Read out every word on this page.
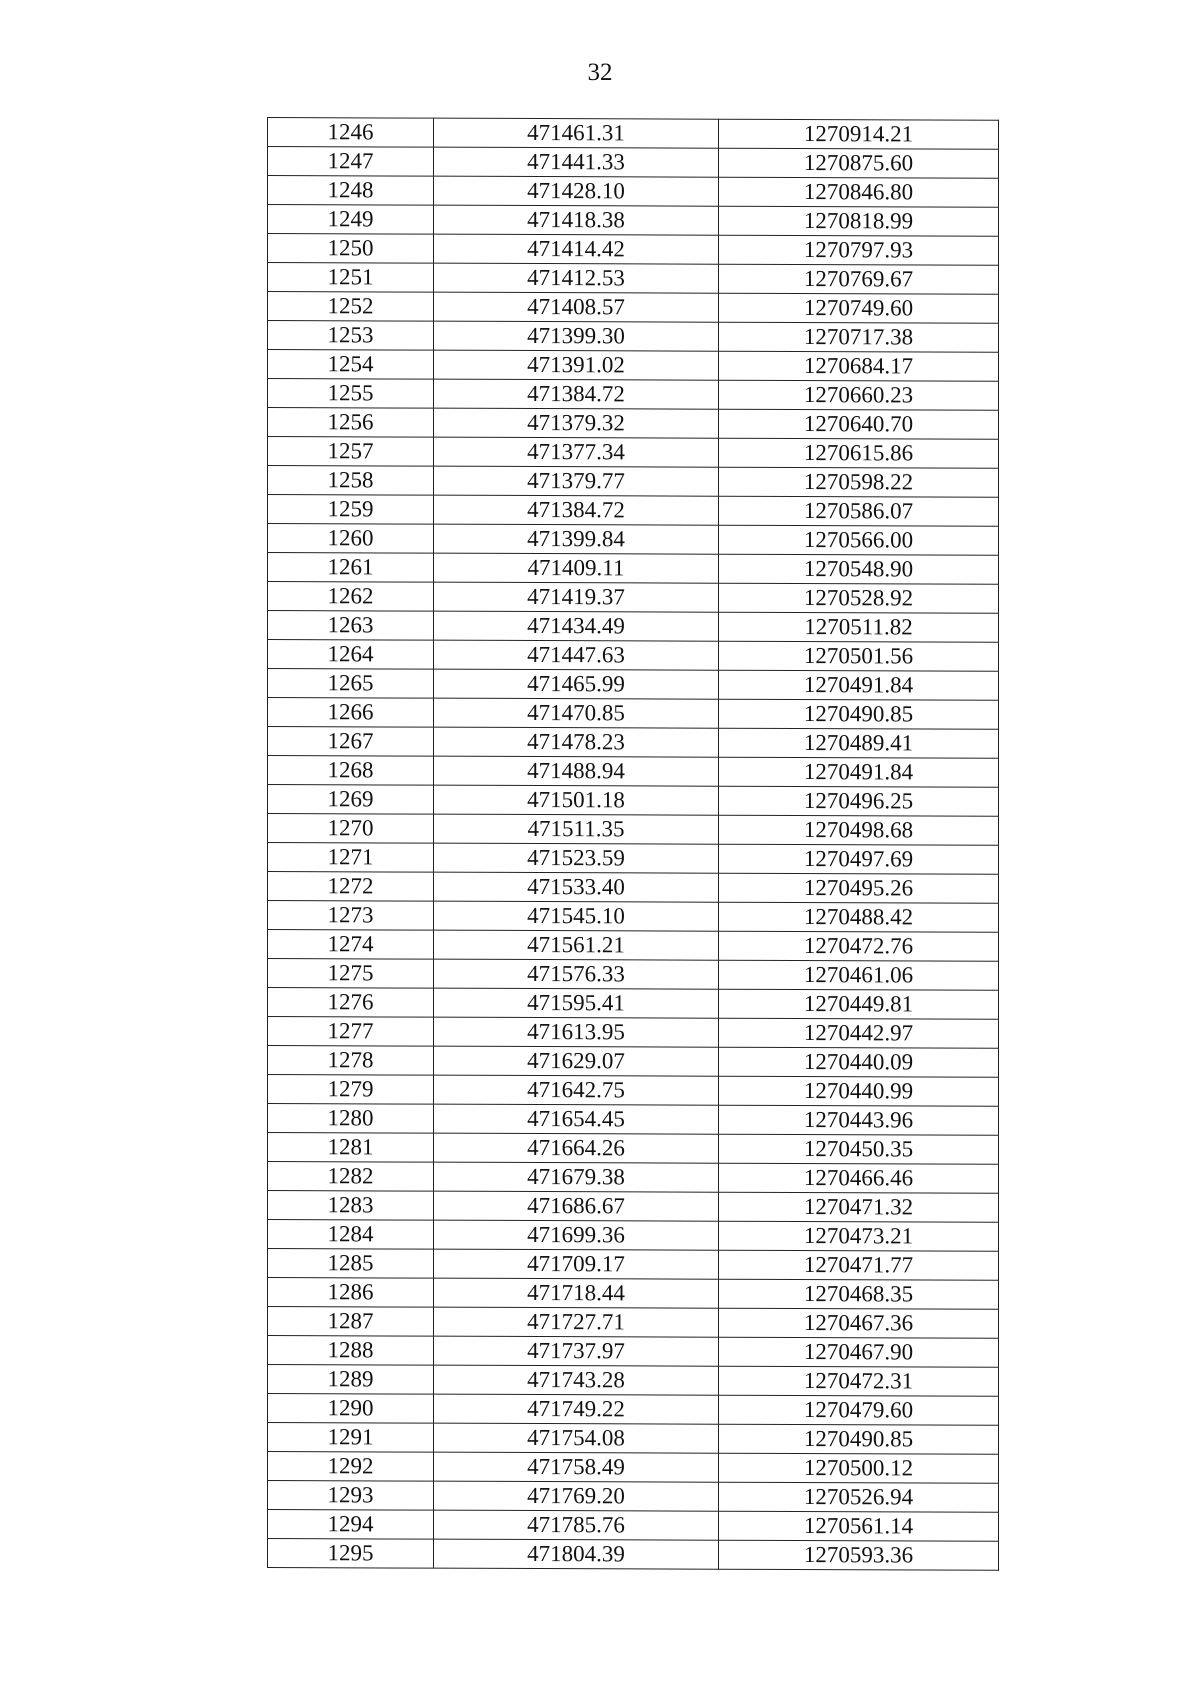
32
1246	471461.31	1270914.21
1247	471441.33	1270875.60
1248	471428.10	1270846.80
1249	471418.38	1270818.99
1250	471414.42	1270797.93
1251	471412.53	1270769.67
1252	471408.57	1270749.60
1253	471399.30	1270717.38
1254	471391.02	1270684.17
1255	471384.72	1270660.23
1256	471379.32	1270640.70
1257	471377.34	1270615.86
1258	471379.77	1270598.22
1259	471384.72	1270586.07
1260	471399.84	1270566.00
1261	471409.11	1270548.90
1262	471419.37	1270528.92
1263	471434.49	1270511.82
1264	471447.63	1270501.56
1265	471465.99	1270491.84
1266	471470.85	1270490.85
1267	471478.23	1270489.41
1268	471488.94	1270491.84
1269	471501.18	1270496.25
1270	471511.35	1270498.68
1271	471523.59	1270497.69
1272	471533.40	1270495.26
1273	471545.10	1270488.42
1274	471561.21	1270472.76
1275	471576.33	1270461.06
1276	471595.41	1270449.81
1277	471613.95	1270442.97
1278	471629.07	1270440.09
1279	471642.75	1270440.99
1280	471654.45	1270443.96
1281	471664.26	1270450.35
1282	471679.38	1270466.46
1283	471686.67	1270471.32
1284	471699.36	1270473.21
1285	471709.17	1270471.77
1286	471718.44	1270468.35
1287	471727.71	1270467.36
1288	471737.97	1270467.90
1289	471743.28	1270472.31
1290	471749.22	1270479.60
1291	471754.08	1270490.85
1292	471758.49	1270500.12
1293	471769.20	1270526.94
1294	471785.76	1270561.14
1295	471804.39	1270593.36
